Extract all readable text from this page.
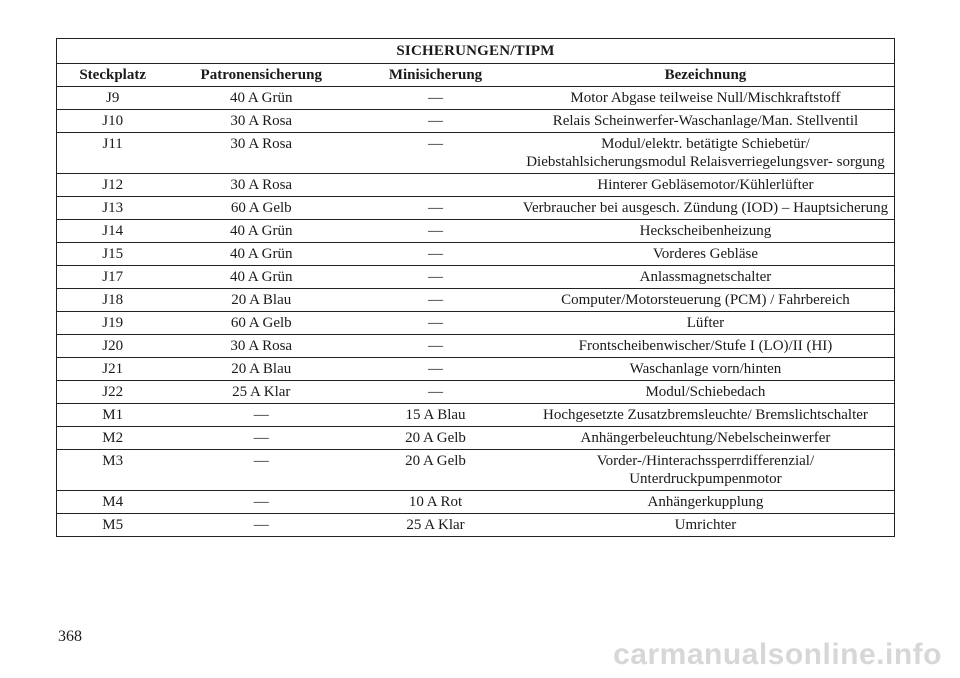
SICHERUNGEN/TIPM			
Steckplatz	Patronensicherung	Minisicherung	Bezeichnung
J9	40 A Grün	—	Motor Abgase teilweise Null/Mischkraftstoff
J10	30 A Rosa	—	Relais Scheinwerfer-Waschanlage/Man. Stellventil
J11	30 A Rosa	—	Modul/elektr. betätigte Schiebetür/ Diebstahlsicherungsmodul Relaisverriegelungsver- sorgung
J12	30 A Rosa		Hinterer Gebläsemotor/Kühlerlüfter
J13	60 A Gelb	—	Verbraucher bei ausgesch. Zündung (IOD) – Hauptsicherung
J14	40 A Grün	—	Heckscheibenheizung
J15	40 A Grün	—	Vorderes Gebläse
J17	40 A Grün	—	Anlassmagnetschalter
J18	20 A Blau	—	Computer/Motorsteuerung (PCM) / Fahrbereich
J19	60 A Gelb	—	Lüfter
J20	30 A Rosa	—	Frontscheibenwischer/Stufe I (LO)/II (HI)
J21	20 A Blau	—	Waschanlage vorn/hinten
J22	25 A Klar	—	Modul/Schiebedach
M1	—	15 A Blau	Hochgesetzte Zusatzbremsleuchte/ Bremslichtschalter
M2	—	20 A Gelb	Anhängerbeleuchtung/Nebelscheinwerfer
M3	—	20 A Gelb	Vorder-/Hinterachssperrdifferenzial/ Unterdruckpumpenmotor
M4	—	10 A Rot	Anhängerkupplung
M5	—	25 A Klar	Umrichter
368
carmanualsonline.info
